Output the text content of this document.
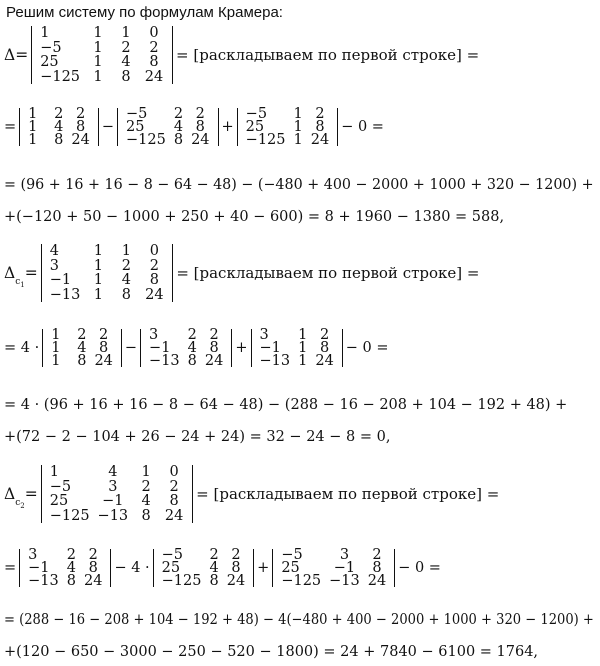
Решим систему по формулам Крамера:
Δ =
1	1	1	0
−5	1	2	2
25	1	4	8
−125	1	8	24
= [раскладываем по первой строке] =
=
1	2	2
1	4	8
1	8	24
−
−5	2	2
25	4	8
−125	8	24
+
−5	1	2
25	1	8
−125	1	24
− 0 =
= (96 + 16 + 16 − 8 − 64 − 48) − (−480 + 400 − 2000 + 1000 + 320 − 1200) +
+(−120 + 50 − 1000 + 250 + 40 − 600) = 8 + 1960 − 1380 = 588,
$\Delta_{c_1}$
=
4	1	1	0
3	1	2	2
−1	1	4	8
−13	1	8	24
= [раскладываем по первой строке] =
= 4 ·
1	2	2
1	4	8
1	8	24
−
3	2	2
−1	4	8
−13	8	24
+
3	1	2
−1	1	8
−13	1	24
− 0 =
= 4 · (96 + 16 + 16 − 8 − 64 − 48) − (288 − 16 − 208 + 104 − 192 + 48) +
+(72 − 2 − 104 + 26 − 24 + 24) = 32 − 24 − 8 = 0,
$\Delta_{c_2}$
=
1	4	1	0
−5	3	2	2
25	−1	4	8
−125	−13	8	24
= [раскладываем по первой строке] =
=
3	2	2
−1	4	8
−13	8	24
− 4 ·
−5	2	2
25	4	8
−125	8	24
+
−5	3	2
25	−1	8
−125	−13	24
− 0 =
= (288 − 16 − 208 + 104 − 192 + 48) − 4(−480 + 400 − 2000 + 1000 + 320 − 1200) +
+(120 − 650 − 3000 − 250 − 520 − 1800) = 24 + 7840 − 6100 = 1764,
